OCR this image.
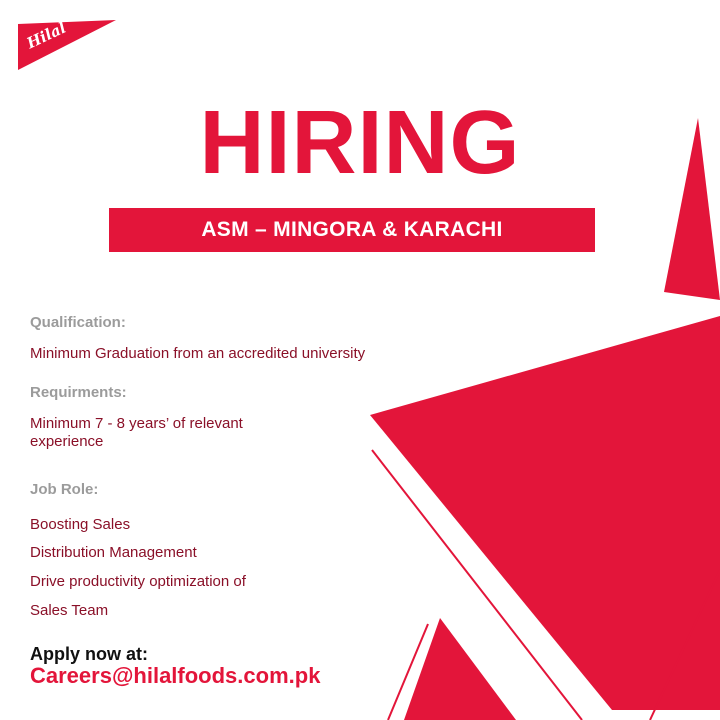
Hilal
HIRING
ASM – MINGORA & KARACHI
Qualification:
Minimum Graduation from an accredited university
Requirments:
Minimum 7 - 8 years’ of relevant experience
Job Role:
Boosting Sales
Distribution Management
Drive productivity optimization of
Sales Team
Apply now at:
Careers@hilalfoods.com.pk
